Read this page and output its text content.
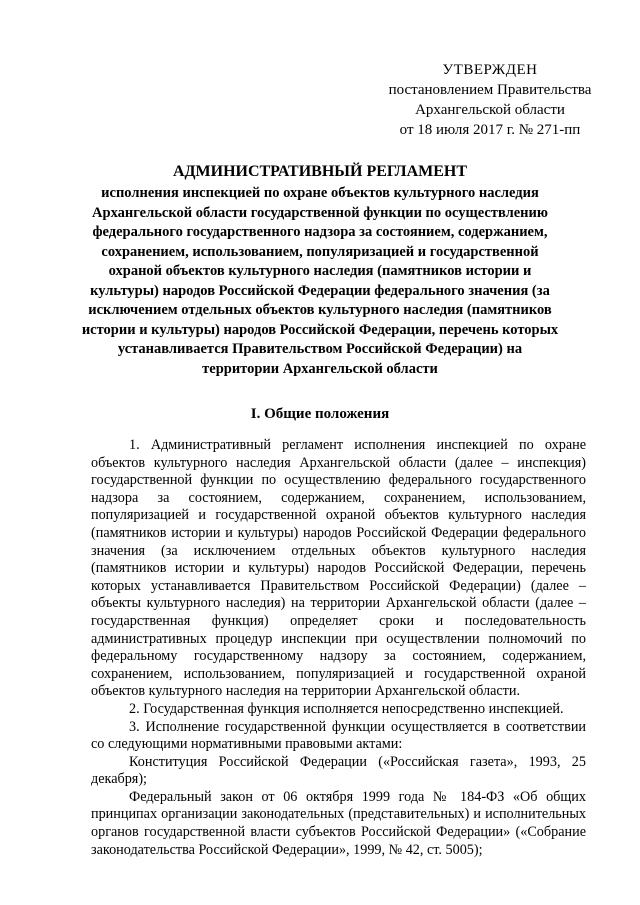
УТВЕРЖДЕН
постановлением Правительства
Архангельской области
от 18 июля 2017 г. № 271-пп
АДМИНИСТРАТИВНЫЙ РЕГЛАМЕНТ
исполнения инспекцией по охране объектов культурного наследия Архангельской области государственной функции по осуществлению федерального государственного надзора за состоянием, содержанием, сохранением, использованием, популяризацией и государственной охраной объектов культурного наследия (памятников истории и культуры) народов Российской Федерации федерального значения (за исключением отдельных объектов культурного наследия (памятников истории и культуры) народов Российской Федерации, перечень которых устанавливается Правительством Российской Федерации) на территории Архангельской области
I. Общие положения

1. Административный регламент исполнения инспекцией по охране объектов культурного наследия Архангельской области (далее – инспекция) государственной функции по осуществлению федерального государственного надзора за состоянием, содержанием, сохранением, использованием, популяризацией и государственной охраной объектов культурного наследия (памятников истории и культуры) народов Российской Федерации федерального значения (за исключением отдельных объектов культурного наследия (памятников истории и культуры) народов Российской Федерации, перечень которых устанавливается Правительством Российской Федерации) (далее – объекты культурного наследия) на территории Архангельской области (далее – государственная функция) определяет сроки и последовательность административных процедур инспекции при осуществлении полномочий по федеральному государственному надзору за состоянием, содержанием, сохранением, использованием, популяризацией и государственной охраной объектов культурного наследия на территории Архангельской области.

2. Государственная функция исполняется непосредственно инспекцией.

3. Исполнение государственной функции осуществляется в соответствии со следующими нормативными правовыми актами:

Конституция Российской Федерации («Российская газета», 1993, 25 декабря);

Федеральный закон от 06 октября 1999 года № 184-ФЗ «Об общих принципах организации законодательных (представительных) и исполнительных органов государственной власти субъектов Российской Федерации» («Собрание законодательства Российской Федерации», 1999, № 42, ст. 5005);
